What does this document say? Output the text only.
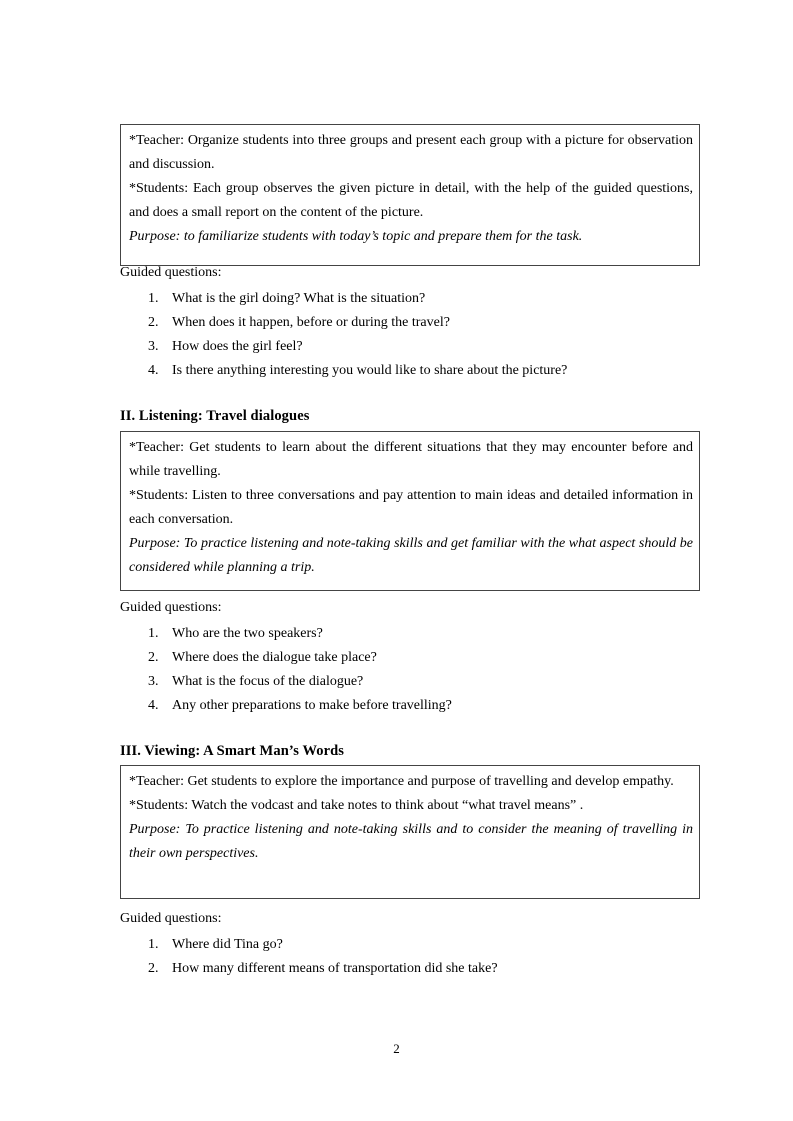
*Teacher: Organize students into three groups and present each group with a picture for observation and discussion.

*Students: Each group observes the given picture in detail, with the help of the guided questions, and does a small report on the content of the picture.

Purpose: to familiarize students with today’s topic and prepare them for the task.

Guided questions:
1. What is the girl doing? What is the situation?
2. When does it happen, before or during the travel?
3. How does the girl feel?
4. Is there anything interesting you would like to share about the picture?
II. Listening: Travel dialogues

*Teacher: Get students to learn about the different situations that they may encounter before and while travelling.

*Students: Listen to three conversations and pay attention to main ideas and detailed information in each conversation.

Purpose: To practice listening and note-taking skills and get familiar with the what aspect should be considered while planning a trip.

Guided questions:
1. Who are the two speakers?
2. Where does the dialogue take place?
3. What is the focus of the dialogue?
4. Any other preparations to make before travelling?
III. Viewing: A Smart Man’s Words

*Teacher: Get students to explore the importance and purpose of travelling and develop empathy.

*Students: Watch the vodcast and take notes to think about “what travel means” .

Purpose: To practice listening and note-taking skills and to consider the meaning of travelling in their own perspectives.

Guided questions:
1. Where did Tina go?
2. How many different means of transportation did she take?
2
